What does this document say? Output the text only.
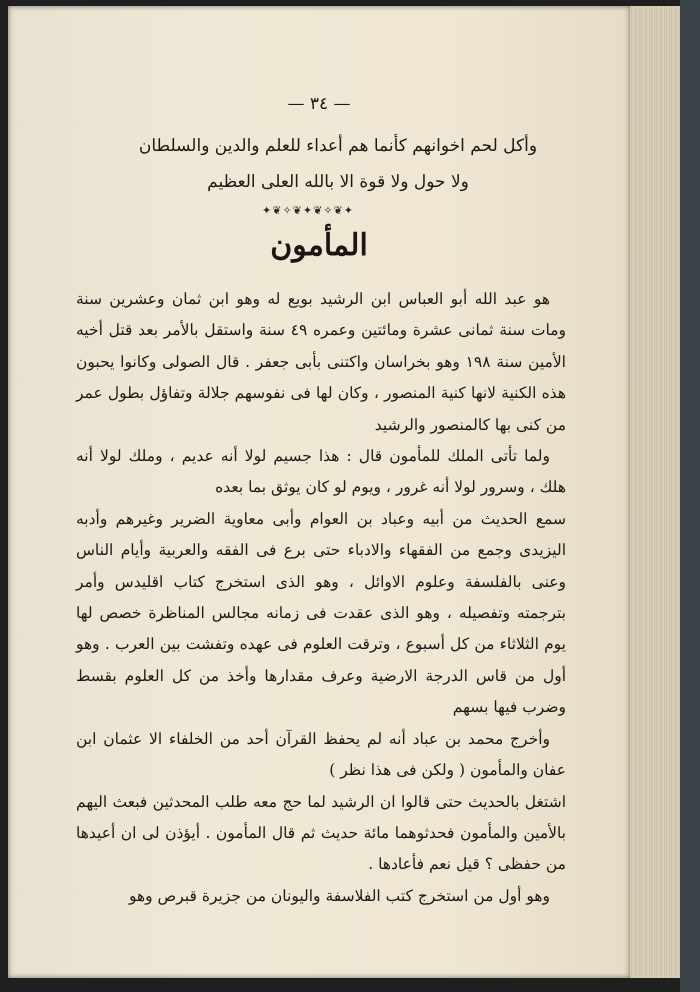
— ٣٤ —
وأكل لحم اخوانهم كأنما هم أعداء للعلم والدين والسلطان
ولا حول ولا قوة الا بالله العلى العظيم
✦❦✧❦✦❦✧❦✦
المأمون

هو عبد الله أبو العباس ابن الرشيد بويع له وهو ابن ثمان وعشرين سنة ومات سنة ثمانى عشرة ومائتين وعمره ٤٩ سنة واستقل بالأمر بعد قتل أخيه الأمين سنة ١٩٨ وهو بخراسان واكتنى بأبى جعفر . قال الصولى وكانوا يحبون هذه الكنية لانها كنية المنصور ، وكان لها فى نفوسهم جلالة وتفاؤل بطول عمر من كنى بها كالمنصور والرشيد

ولما تأتى الملك للمأمون قال : هذا جسيم لولا أنه عديم ، وملك لولا أنه هلك ، وسرور لولا أنه غرور ، ويوم لو كان يوثق بما بعده

سمع الحديث من أبيه وعباد بن العوام وأبى معاوية الضرير وغيرهم وأدبه اليزيدى وجمع من الفقهاء والادباء حتى برع فى الفقه والعربية وأيام الناس وعنى بالفلسفة وعلوم الاوائل ، وهو الذى استخرج كتاب اقليدس وأمر بترجمته وتفصيله ، وهو الذى عقدت فى زمانه مجالس المناظرة خصص لها يوم الثلاثاء من كل أسبوع ، وترقت العلوم فى عهده وتفشت بين العرب . وهو أول من قاس الدرجة الارضية وعرف مقدارها وأخذ من كل العلوم بقسط وضرب فيها بسهم

وأخرج محمد بن عباد أنه لم يحفظ القرآن أحد من الخلفاء الا عثمان ابن عفان والمأمون ( ولكن فى هذا نظر )

اشتغل بالحديث حتى قالوا ان الرشيد لما حج معه طلب المحدثين فبعث اليهم بالأمين والمأمون فحدثوهما مائة حديث ثم قال المأمون . أيؤذن لى ان أعيدها من حفظى ؟ قيل نعم فأعادها .

وهو أول من استخرج كتب الفلاسفة واليونان من جزيرة قبرص وهو
